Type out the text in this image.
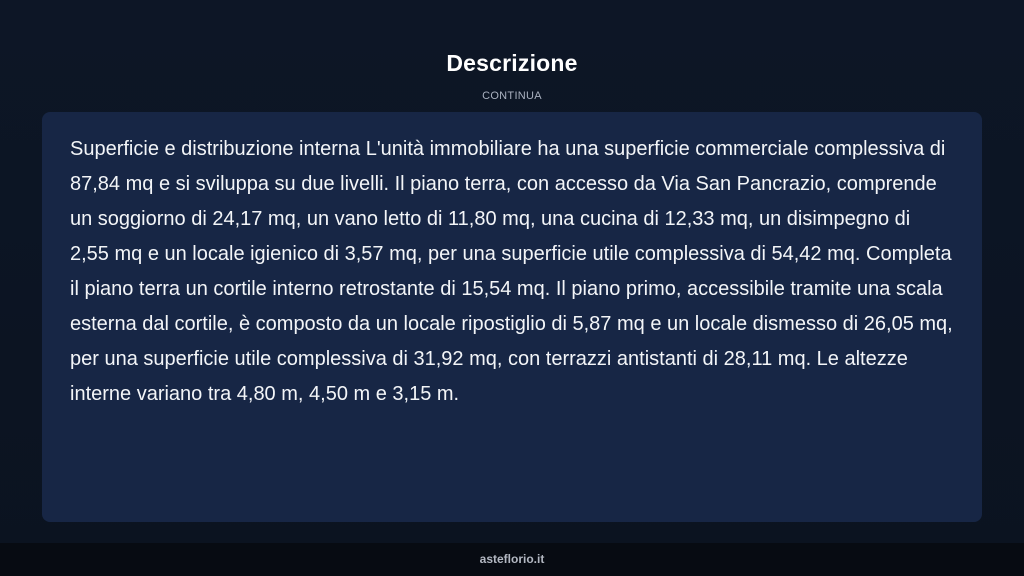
Descrizione
CONTINUA

Superficie e distribuzione interna L'unità immobiliare ha una superficie commerciale complessiva di 87,84 mq e si sviluppa su due livelli. Il piano terra, con accesso da Via San Pancrazio, comprende un soggiorno di 24,17 mq, un vano letto di 11,80 mq, una cucina di 12,33 mq, un disimpegno di 2,55 mq e un locale igienico di 3,57 mq, per una superficie utile complessiva di 54,42 mq. Completa il piano terra un cortile interno retrostante di 15,54 mq. Il piano primo, accessibile tramite una scala esterna dal cortile, è composto da un locale ripostiglio di 5,87 mq e un locale dismesso di 26,05 mq, per una superficie utile complessiva di 31,92 mq, con terrazzi antistanti di 28,11 mq. Le altezze interne variano tra 4,80 m, 4,50 m e 3,15 m.

asteflorio.it
